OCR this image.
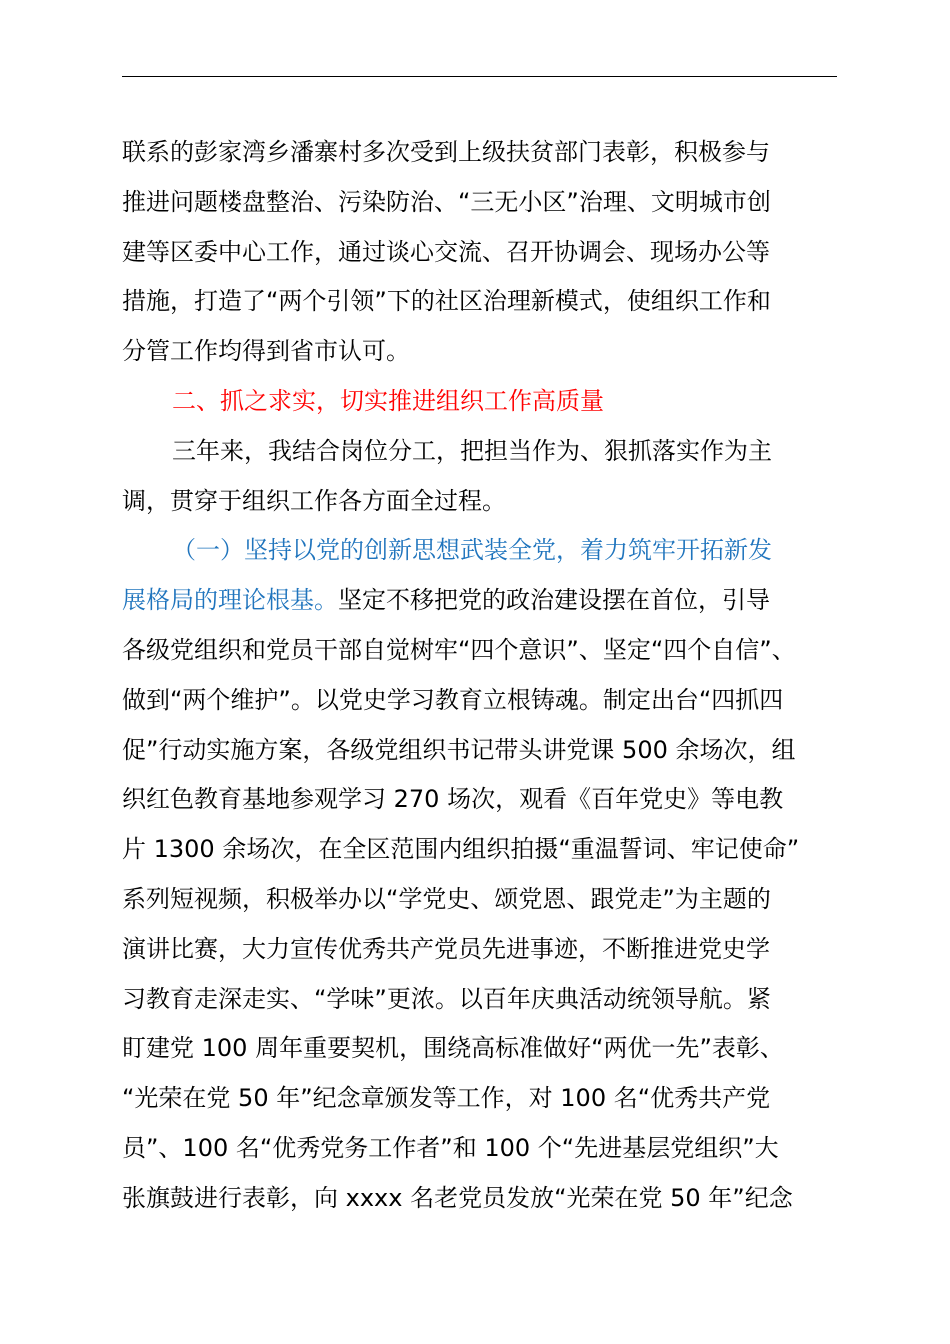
联系的彭家湾乡潘寨村多次受到上级扶贫部门表彰，积极参与
推进问题楼盘整治、污染防治、“三无小区”治理、文明城市创
建等区委中心工作，通过谈心交流、召开协调会、现场办公等
措施，打造了“两个引领”下的社区治理新模式，使组织工作和
分管工作均得到省市认可。
二、抓之求实，切实推进组织工作高质量
三年来，我结合岗位分工，把担当作为、狠抓落实作为主
调，贯穿于组织工作各方面全过程。
（一）坚持以党的创新思想武装全党，着力筑牢开拓新发
展格局的理论根基。坚定不移把党的政治建设摆在首位，引导
各级党组织和党员干部自觉树牢“四个意识”、坚定“四个自信”、
做到“两个维护”。以党史学习教育立根铸魂。制定出台“四抓四
促”行动实施方案，各级党组织书记带头讲党课 500 余场次，组
织红色教育基地参观学习 270 场次，观看《百年党史》等电教
片 1300 余场次，在全区范围内组织拍摄“重温誓词、牢记使命”
系列短视频，积极举办以“学党史、颂党恩、跟党走”为主题的
演讲比赛，大力宣传优秀共产党员先进事迹，不断推进党史学
习教育走深走实、“学味”更浓。以百年庆典活动统领导航。紧
盯建党 100 周年重要契机，围绕高标准做好“两优一先”表彰、
“光荣在党 50 年”纪念章颁发等工作，对 100 名“优秀共产党
员”、100 名“优秀党务工作者”和 100 个“先进基层党组织”大
张旗鼓进行表彰，向 xxxx 名老党员发放“光荣在党 50 年”纪念
